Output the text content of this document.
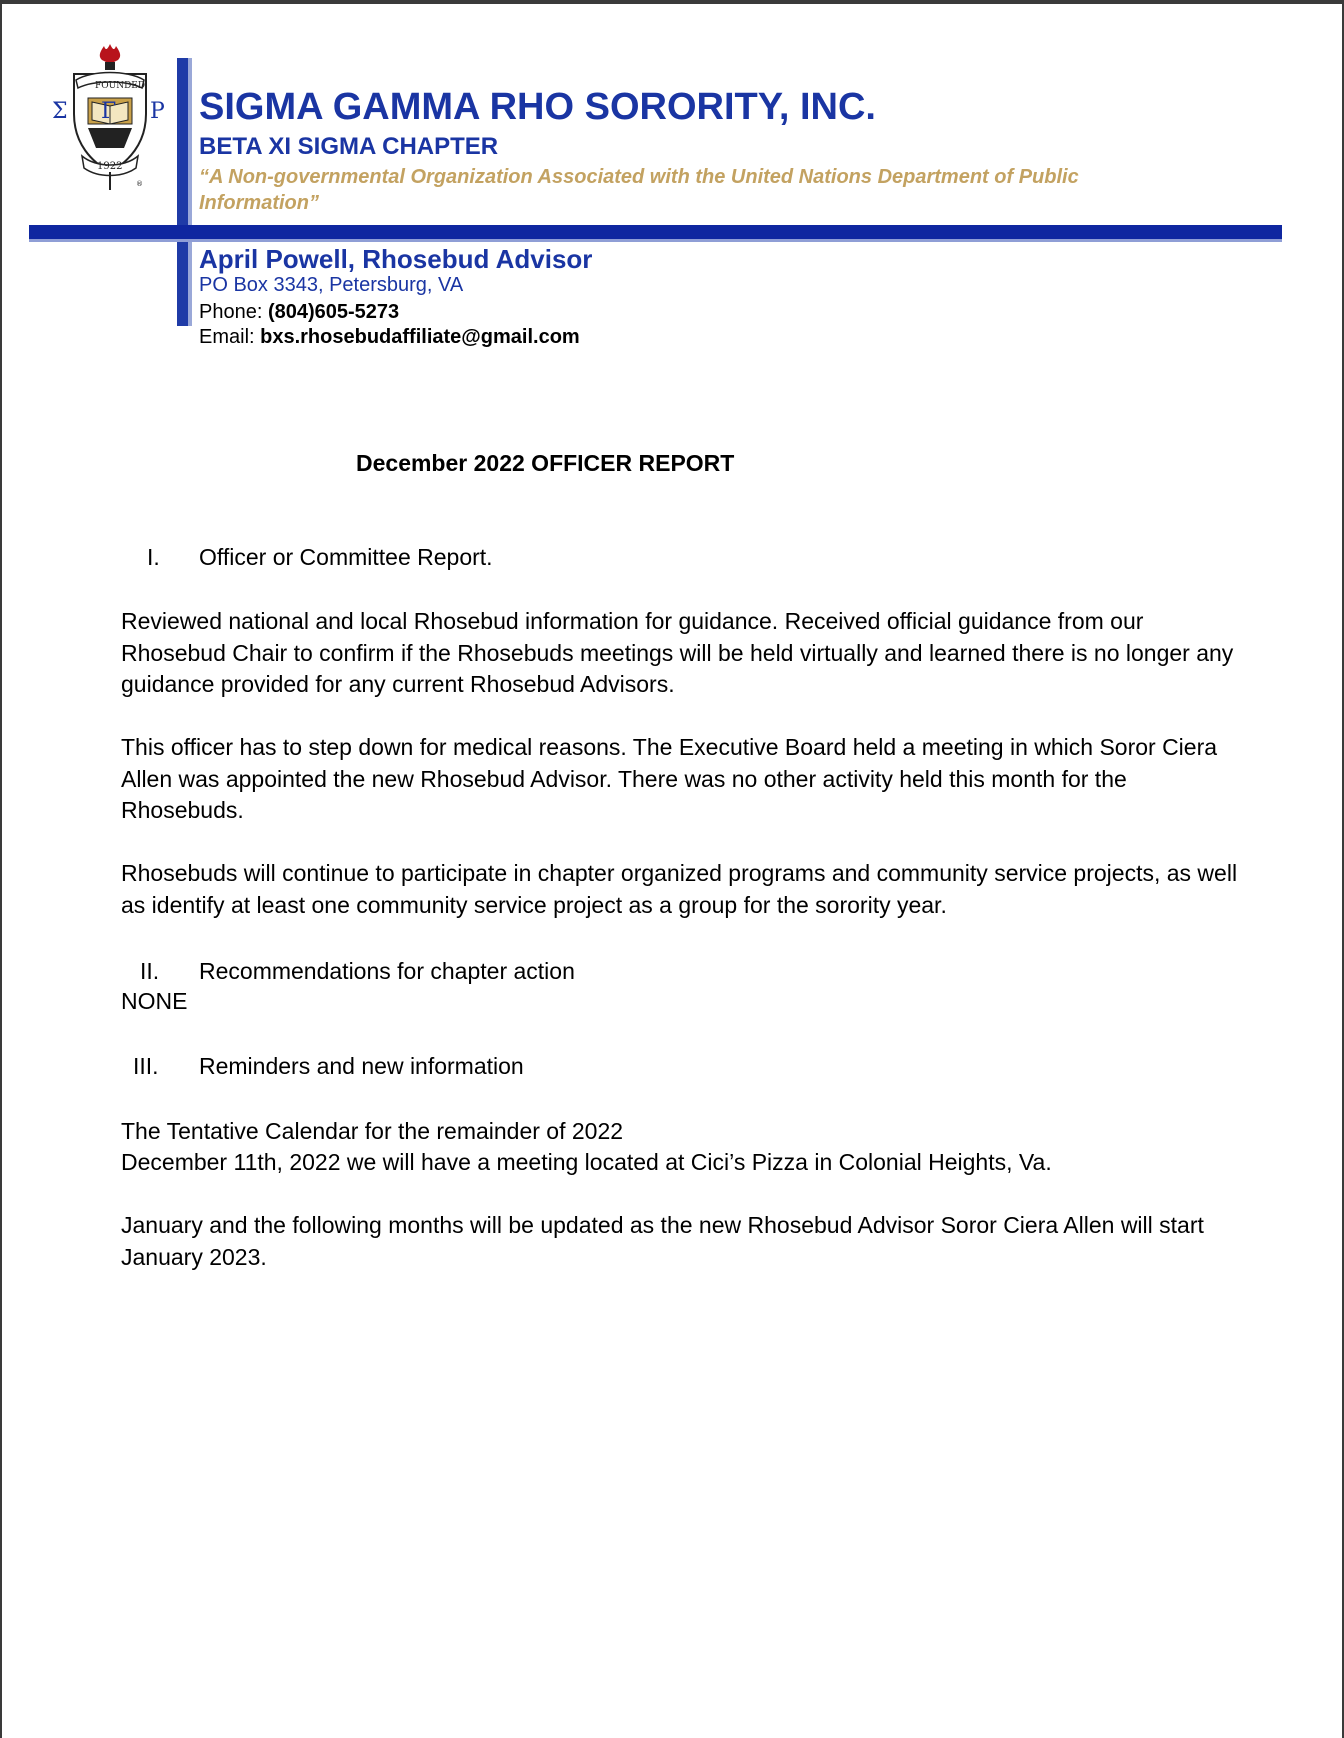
®
FOUNDED
1922
Σ Γ Ρ SIGMA GAMMA RHO SORORITY, INC.
BETA XI SIGMA CHAPTER
“A Non-governmental Organization Associated with the United Nations Department of Public Information”
April Powell, Rhosebud Advisor
PO Box 3343, Petersburg, VA
Phone: (804)605-5273
Email: bxs.rhosebudaffiliate@gmail.com
December 2022 OFFICER REPORT
I. Officer or Committee Report.
Reviewed national and local Rhosebud information for guidance. Received official guidance from our Rhosebud Chair to confirm if the Rhosebuds meetings will be held virtually and learned there is no longer any guidance provided for any current Rhosebud Advisors.
This officer has to step down for medical reasons. The Executive Board held a meeting in which Soror Ciera Allen was appointed the new Rhosebud Advisor. There was no other activity held this month for the Rhosebuds.
Rhosebuds will continue to participate in chapter organized programs and community service projects, as well as identify at least one community service project as a group for the sorority year.
II. Recommendations for chapter action
NONE
III. Reminders and new information
The Tentative Calendar for the remainder of 2022
December 11th, 2022 we will have a meeting located at Cici’s Pizza in Colonial Heights, Va.
January and the following months will be updated as the new Rhosebud Advisor Soror Ciera Allen will start January 2023.
